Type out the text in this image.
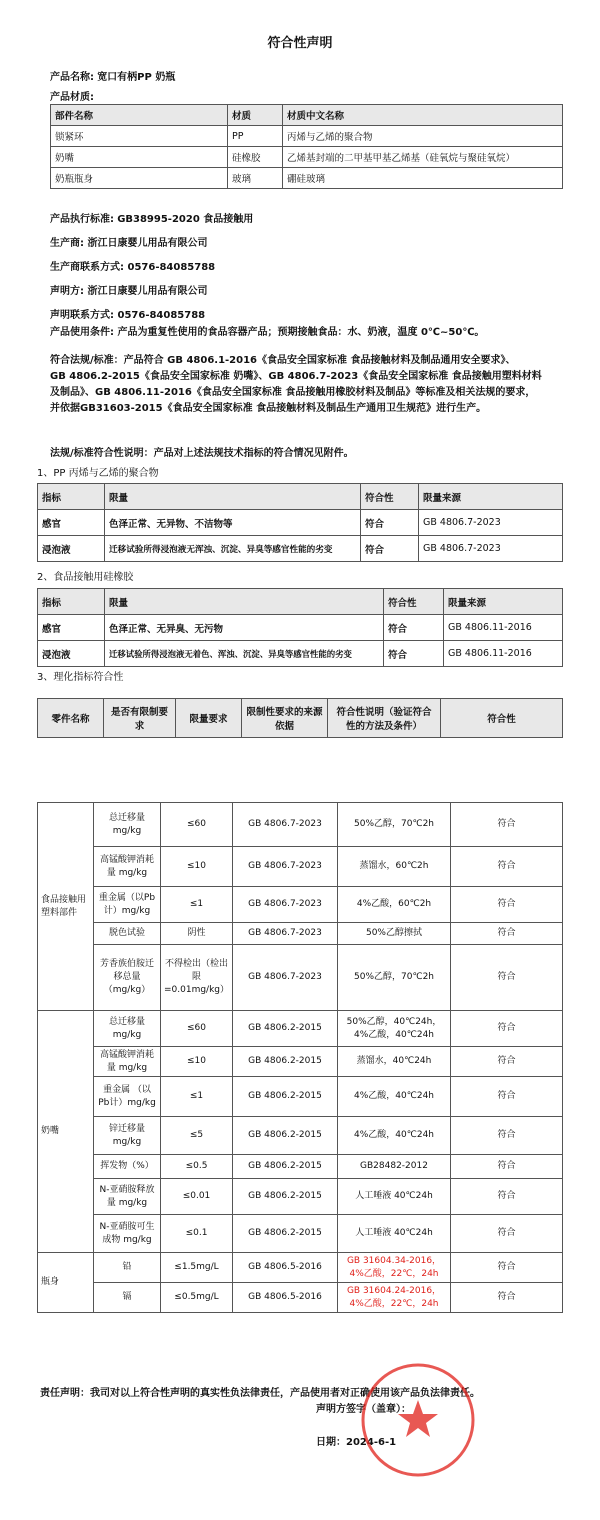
符合性声明
产品名称: 宽口有柄PP 奶瓶
产品材质:
部件名称	材质	材质中文名称
锁紧环	PP	丙烯与乙烯的聚合物
奶嘴	硅橡胶	乙烯基封端的二甲基甲基乙烯基（硅氧烷与聚硅氧烷）
奶瓶瓶身	玻璃	硼硅玻璃
产品执行标准: GB38995-2020 食品接触用
生产商: 浙江日康婴儿用品有限公司
生产商联系方式: 0576-84085788
声明方: 浙江日康婴儿用品有限公司
声明联系方式: 0576-84085788
产品使用条件: 产品为重复性使用的食品容器产品；预期接触食品：水、奶液，温度 0℃~50℃。
符合法规/标准：产品符合 GB 4806.1-2016《食品安全国家标准 食品接触材料及制品通用安全要求》、
GB 4806.2-2015《食品安全国家标准 奶嘴》、GB 4806.7-2023《食品安全国家标准 食品接触用塑料材料
及制品》、GB 4806.11-2016《食品安全国家标准 食品接触用橡胶材料及制品》等标准及相关法规的要求，
并依据GB31603-2015《食品安全国家标准 食品接触材料及制品生产通用卫生规范》进行生产。
法规/标准符合性说明：产品对上述法规技术指标的符合情况见附件。
1、PP 丙烯与乙烯的聚合物
指标	限量	符合性	限量来源
感官	色泽正常、无异物、不洁物等	符合	GB 4806.7-2023
浸泡液	迁移试验所得浸泡液无浑浊、沉淀、异臭等感官性能的劣变	符合	GB 4806.7-2023
2、食品接触用硅橡胶
指标	限量	符合性	限量来源
感官	色泽正常、无异臭、无污物	符合	GB 4806.11-2016
浸泡液	迁移试验所得浸泡液无着色、浑浊、沉淀、异臭等感官性能的劣变	符合	GB 4806.11-2016
3、理化指标符合性
零件名称	是否有限制要求	限量要求	限制性要求的来源依据	符合性说明（验证符合性的方法及条件）	符合性
食品接触用塑料部件	总迁移量 mg/kg	≤60	GB 4806.7-2023	50%乙醇，70℃2h	符合
	高锰酸钾消耗量 mg/kg	≤10	GB 4806.7-2023	蒸馏水，60℃2h	符合
	重金属（以Pb计）mg/kg	≤1	GB 4806.7-2023	4%乙酸，60℃2h	符合
	脱色试验	阴性	GB 4806.7-2023	50%乙醇擦拭	符合
	芳香族伯胺迁移总量（mg/kg）	不得检出（检出限=0.01mg/kg）	GB 4806.7-2023	50%乙醇，70℃2h	符合
奶嘴	总迁移量 mg/kg	≤60	GB 4806.2-2015	50%乙醇，40℃24h，4%乙酸，40℃24h	符合
	高锰酸钾消耗量 mg/kg	≤10	GB 4806.2-2015	蒸馏水，40℃24h	符合
	重金属 （以 Pb计）mg/kg	≤1	GB 4806.2-2015	4%乙酸，40℃24h	符合
	锌迁移量 mg/kg	≤5	GB 4806.2-2015	4%乙酸，40℃24h	符合
	挥发物（%）	≤0.5	GB 4806.2-2015	GB28482-2012	符合
	N-亚硝胺释放量 mg/kg	≤0.01	GB 4806.2-2015	人工唾液 40℃24h	符合
	N-亚硝胺可生成物 mg/kg	≤0.1	GB 4806.2-2015	人工唾液 40℃24h	符合
瓶身	铅	≤1.5mg/L	GB 4806.5-2016	GB 31604.34-2016，4%乙酸，22℃，24h	符合
	镉	≤0.5mg/L	GB 4806.5-2016	GB 31604.24-2016，4%乙酸，22℃，24h	符合
责任声明：我司对以上符合性声明的真实性负法律责任，产品使用者对正确使用该产品负法律责任。
声明方签字（盖章）：
日期：2024-6-1
